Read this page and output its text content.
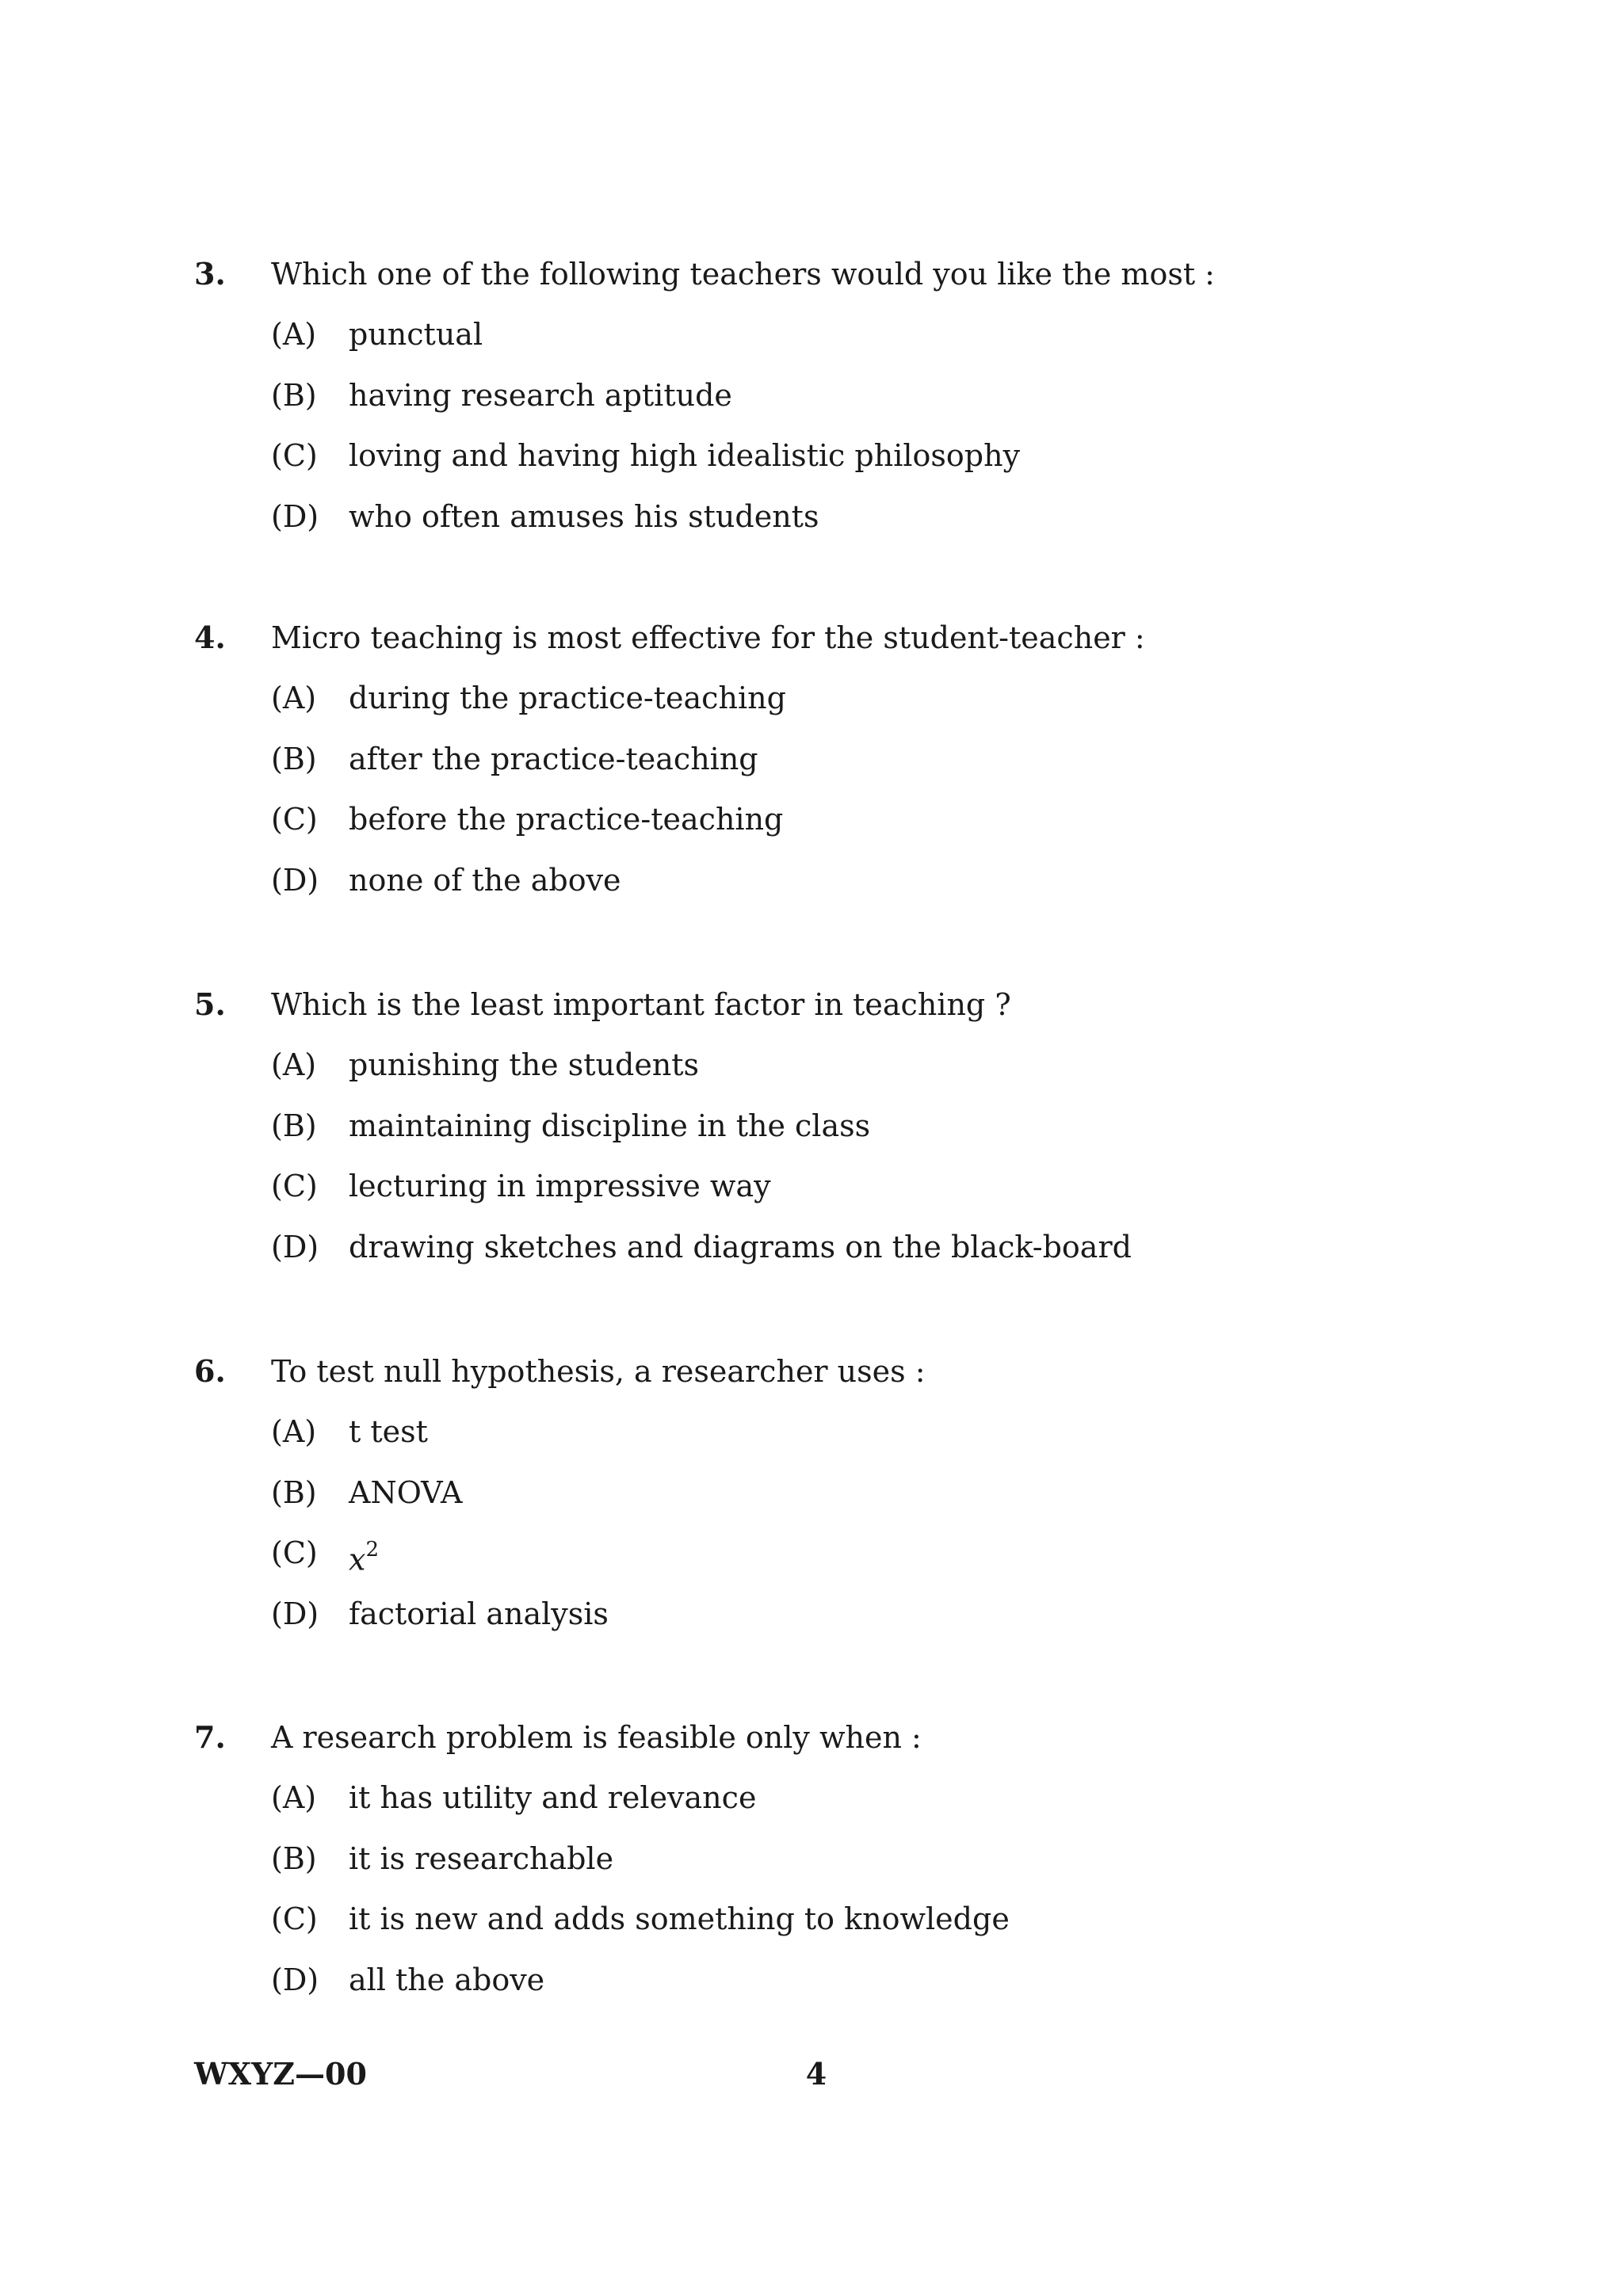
3. Which one of the following teachers would you like the most :
(A) punctual
(B) having research aptitude
(C) loving and having high idealistic philosophy
(D) who often amuses his students
4. Micro teaching is most effective for the student-teacher :
(A) during the practice-teaching
(B) after the practice-teaching
(C) before the practice-teaching
(D) none of the above
5. Which is the least important factor in teaching ?
(A) punishing the students
(B) maintaining discipline in the class
(C) lecturing in impressive way
(D) drawing sketches and diagrams on the black-board
6. To test null hypothesis, a researcher uses :
(A) t test
(B) ANOVA
(C) $x^2$
(D) factorial analysis
7. A research problem is feasible only when :
(A) it has utility and relevance
(B) it is researchable
(C) it is new and adds something to knowledge
(D) all the above
WXYZ—00	4
